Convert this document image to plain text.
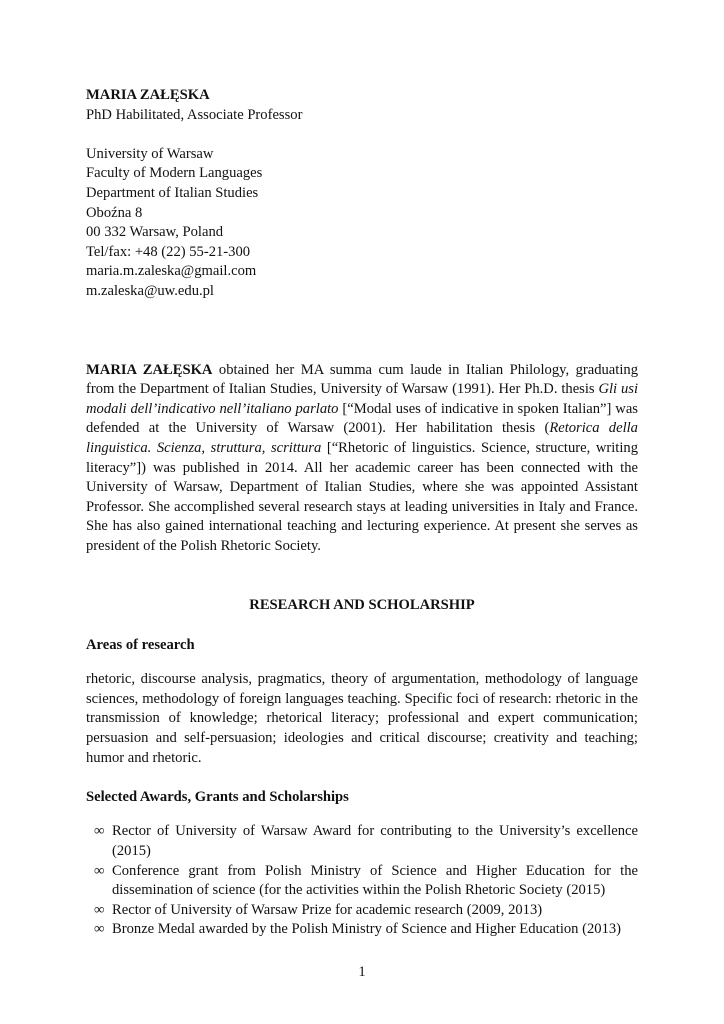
MARIA ZAŁĘSKA

PhD Habilitated, Associate Professor

University of Warsaw

Faculty of Modern Languages

Department of Italian Studies

Oboźna 8

00 332 Warsaw, Poland

Tel/fax: +48 (22) 55-21-300

maria.m.zaleska@gmail.com

m.zaleska@uw.edu.pl

MARIA ZAŁĘSKA obtained her MA summa cum laude in Italian Philology, graduating from the Department of Italian Studies, University of Warsaw (1991). Her Ph.D. thesis Gli usi modali dell’indicativo nell’italiano parlato [“Modal uses of indicative in spoken Italian”] was defended at the University of Warsaw (2001). Her habilitation thesis (Retorica della linguistica. Scienza, struttura, scrittura [“Rhetoric of linguistics. Science, structure, writing literacy”]) was published in 2014. All her academic career has been connected with the University of Warsaw, Department of Italian Studies, where she was appointed Assistant Professor. She accomplished several research stays at leading universities in Italy and France. She has also gained international teaching and lecturing experience. At present she serves as president of the Polish Rhetoric Society.

RESEARCH AND SCHOLARSHIP

Areas of research

rhetoric, discourse analysis, pragmatics, theory of argumentation, methodology of language sciences, methodology of foreign languages teaching. Specific foci of research: rhetoric in the transmission of knowledge; rhetorical literacy; professional and expert communication; persuasion and self-persuasion; ideologies and critical discourse; creativity and teaching; humor and rhetoric.

Selected Awards, Grants and Scholarships

∞ Rector of University of Warsaw Award for contributing to the University’s excellence (2015)
∞ Conference grant from Polish Ministry of Science and Higher Education for the dissemination of science (for the activities within the Polish Rhetoric Society (2015)
∞ Rector of University of Warsaw Prize for academic research (2009, 2013)
∞ Bronze Medal awarded by the Polish Ministry of Science and Higher Education (2013)
1
